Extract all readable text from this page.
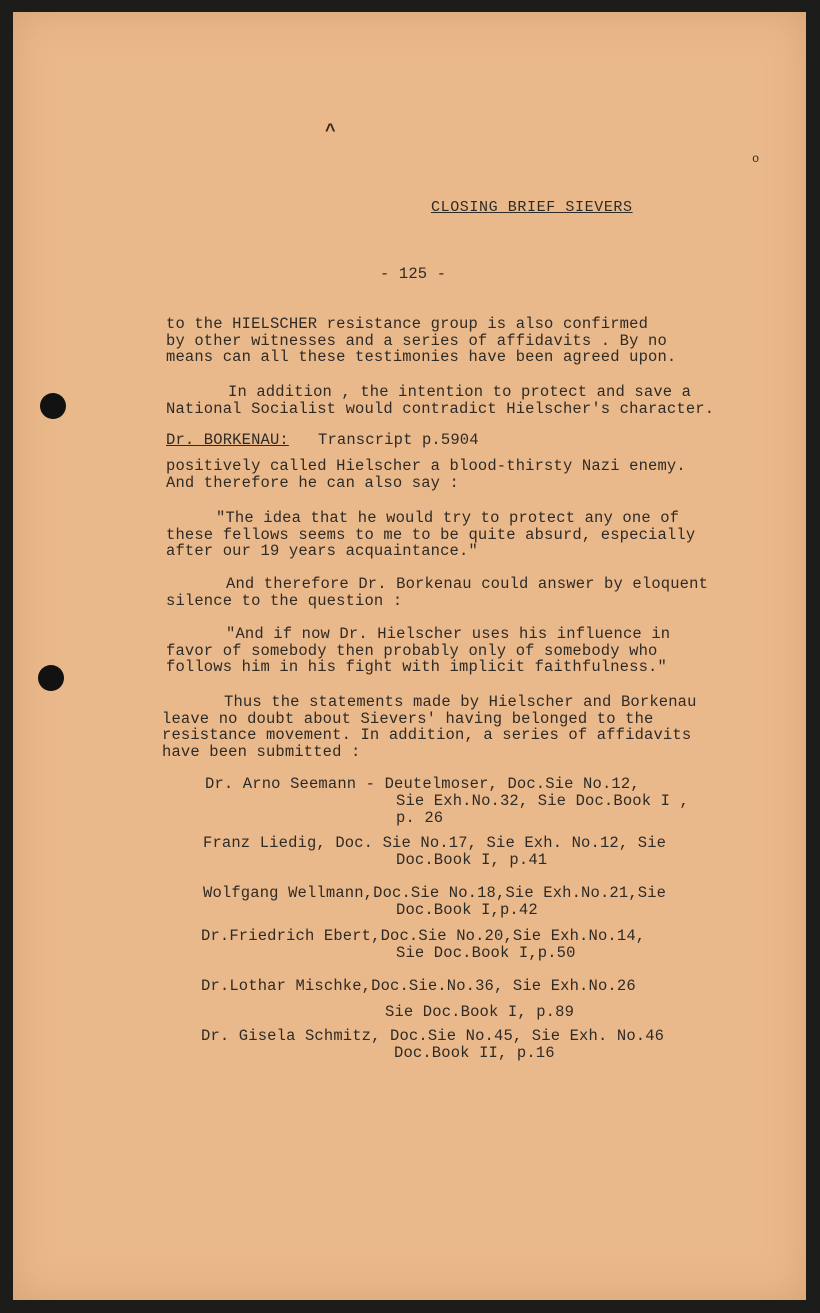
^
o

CLOSING BRIEF SIEVERS

- 125 -

to the HIELSCHER resistance group is also confirmed
by other witnesses and a series of affidavits . By no
means can all these testimonies have been agreed upon.

In addition , the intention to protect and save a
National Socialist would contradict Hielscher's character.

Dr. BORKENAU: Transcript p.5904

positively called Hielscher a blood-thirsty Nazi enemy.
And therefore he can also say :

"The idea that he would try to protect any one of
these fellows seems to me to be quite absurd, especially
after our 19 years acquaintance."

And therefore Dr. Borkenau could answer by eloquent
silence to the question :

"And if now Dr. Hielscher uses his influence in
favor of somebody then probably only of somebody who
follows him in his fight with implicit faithfulness."

Thus the statements made by Hielscher and Borkenau
leave no doubt about Sievers' having belonged to the
resistance movement. In addition, a series of affidavits
have been submitted :

Dr. Arno Seemann - Deutelmoser, Doc.Sie No.12,

Sie Exh.No.32, Sie Doc.Book I ,

p. 26

Franz Liedig, Doc. Sie No.17, Sie Exh. No.12, Sie

Doc.Book I, p.41

Wolfgang Wellmann,Doc.Sie No.18,Sie Exh.No.21,Sie

Doc.Book I,p.42

Dr.Friedrich Ebert,Doc.Sie No.20,Sie Exh.No.14,

Sie Doc.Book I,p.50

Dr.Lothar Mischke,Doc.Sie.No.36, Sie Exh.No.26

Sie Doc.Book I, p.89

Dr. Gisela Schmitz, Doc.Sie No.45, Sie Exh. No.46

Doc.Book II, p.16
